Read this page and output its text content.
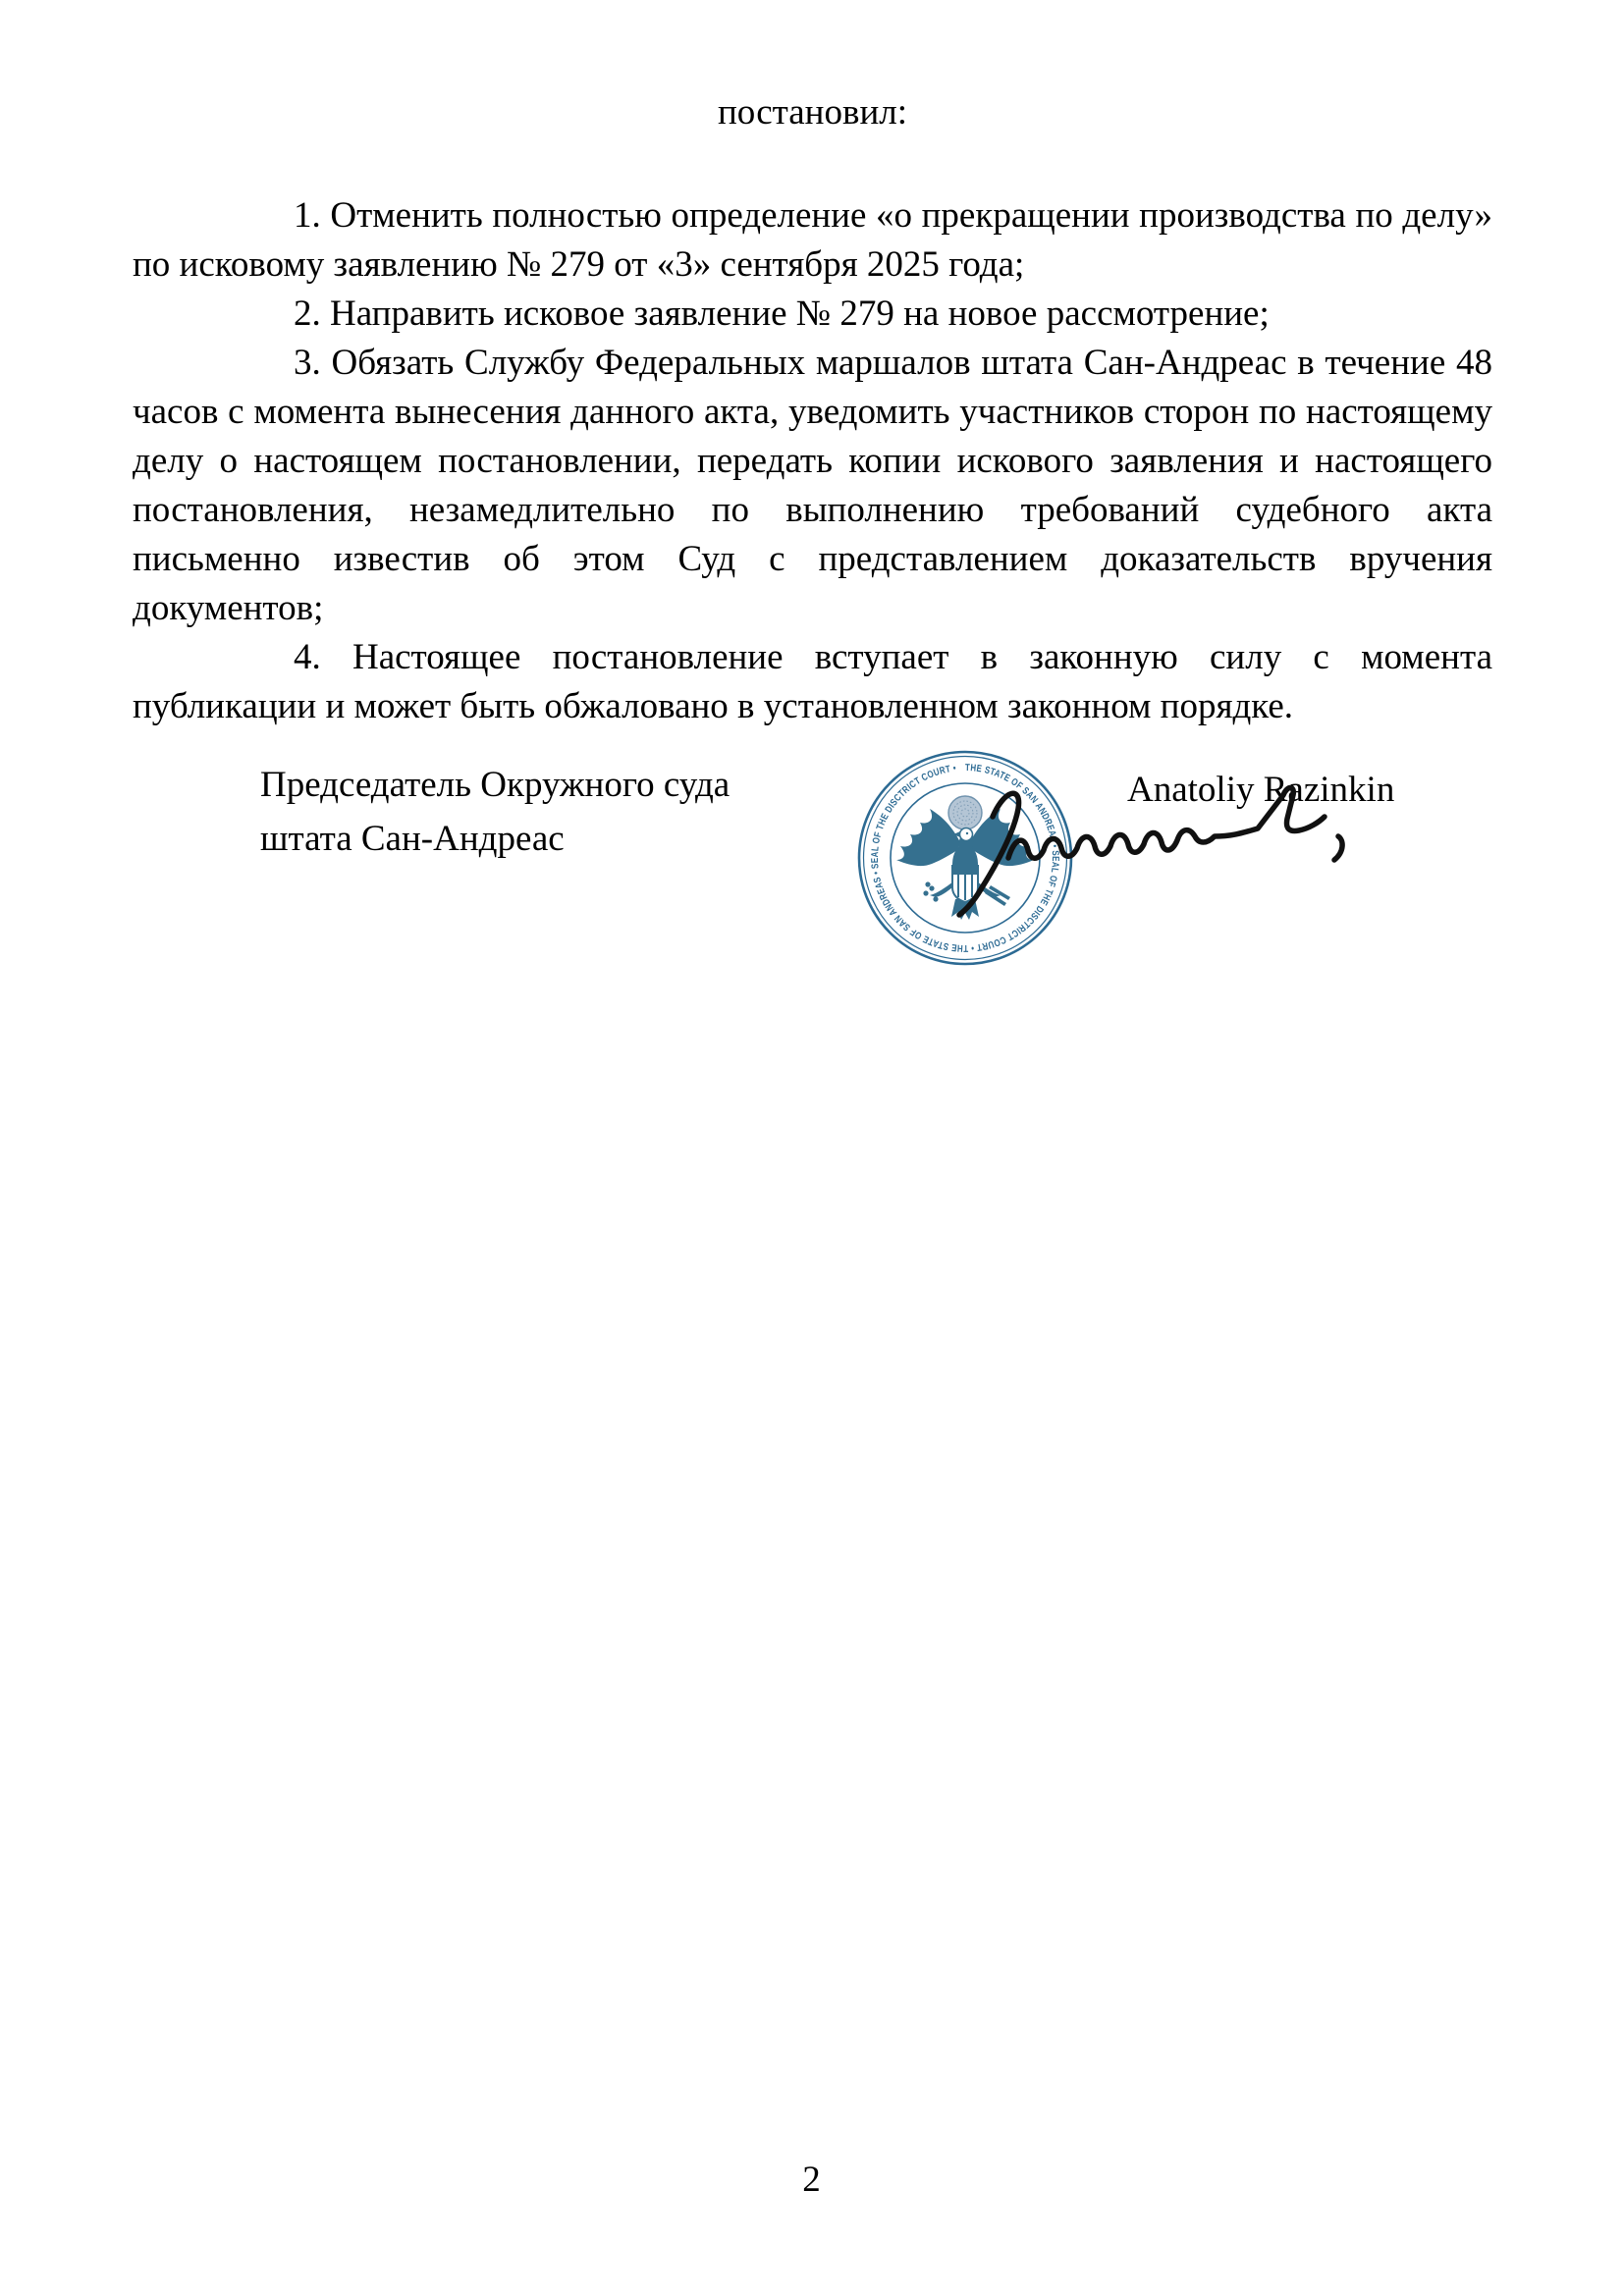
постановил:

1. Отменить полностью определение «о прекращении производства по делу» по исковому заявлению № 279 от «3» сентября 2025 года;

2. Направить исковое заявление № 279 на новое рассмотрение;

3. Обязать Службу Федеральных маршалов штата Сан-Андреас в течение 48 часов с момента вынесения данного акта, уведомить участников сторон по настоящему делу о настоящем постановлении, передать копии искового заявления и настоящего постановления, незамедлительно по выполнению требований судебного акта письменно известив об этом Суд с представлением доказательств вручения документов;

4. Настоящее постановление вступает в законную силу с момента публикации и может быть обжаловано в установленном законном порядке.

Председатель Окружного суда
штата Сан-Андреас
THE STATE OF SAN ANDREAS • SEAL OF THE DISCTRICT COURT • THE STATE OF SAN ANDREAS • SEAL OF THE DISCTRICT COURT •
Anatoliy Razinkin
2
